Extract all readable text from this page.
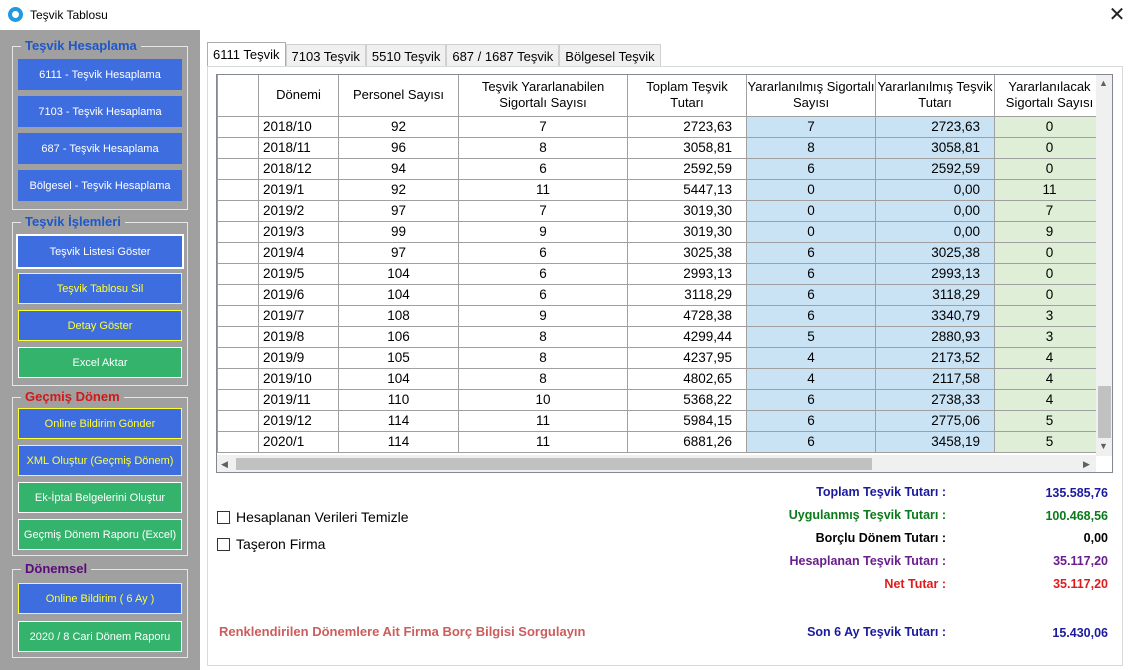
Teşvik Tablosu	✕
Teşvik Hesaplama
Teşvik İşlemleri
Geçmiş Dönem
Dönemsel
6111 - Teşvik Hesaplama
7103 - Teşvik Hesaplama
687 - Teşvik Hesaplama
Bölgesel - Teşvik Hesaplama
Teşvik Listesi Göster
Teşvik Tablosu Sil
Detay Göster
Excel Aktar
Online Bildirim Gönder
XML Oluştur (Geçmiş Dönem)
Ek-İptal Belgelerini Oluştur
Geçmiş Dönem Raporu (Excel)
Online Bildirim ( 6 Ay )
2020 / 8 Cari Dönem Raporu
6111 Teşvik 7103 Teşvik 5510 Teşvik 687 / 1687 Teşvik Bölgesel Teşvik
	Dönemi	Personel Sayısı	Teşvik Yararlanabilen Sigortalı Sayısı	Toplam Teşvik Tutarı	Yararlanılmış Sigortalı Sayısı	Yararlanılmış Teşvik Tutarı	Yararlanılacak Sigortalı Sayısı
	2018/10	92	7	2723,63	7	2723,63	0
	2018/11	96	8	3058,81	8	3058,81	0
	2018/12	94	6	2592,59	6	2592,59	0
	2019/1	92	11	5447,13	0	0,00	11
	2019/2	97	7	3019,30	0	0,00	7
	2019/3	99	9	3019,30	0	0,00	9
	2019/4	97	6	3025,38	6	3025,38	0
	2019/5	104	6	2993,13	6	2993,13	0
	2019/6	104	6	3118,29	6	3118,29	0
	2019/7	108	9	4728,38	6	3340,79	3
	2019/8	106	8	4299,44	5	2880,93	3
	2019/9	105	8	4237,95	4	2173,52	4
	2019/10	104	8	4802,65	4	2117,58	4
	2019/11	110	10	5368,22	6	2738,33	4
	2019/12	114	11	5984,15	6	2775,06	5
	2020/1	114	11	6881,26	6	3458,19	5
▲
▼
◀	▶
Hesaplanan Verileri Temizle
Taşeron Firma
Toplam Teşvik Tutarı :	135.585,76
Uygulanmış Teşvik Tutarı :	100.468,56
Borçlu Dönem Tutarı :	0,00
Hesaplanan Teşvik Tutarı :	35.117,20
Net Tutar :	35.117,20
Son 6 Ay Teşvik Tutarı :	15.430,06
Renklendirilen Dönemlere Ait Firma Borç Bilgisi Sorgulayın
